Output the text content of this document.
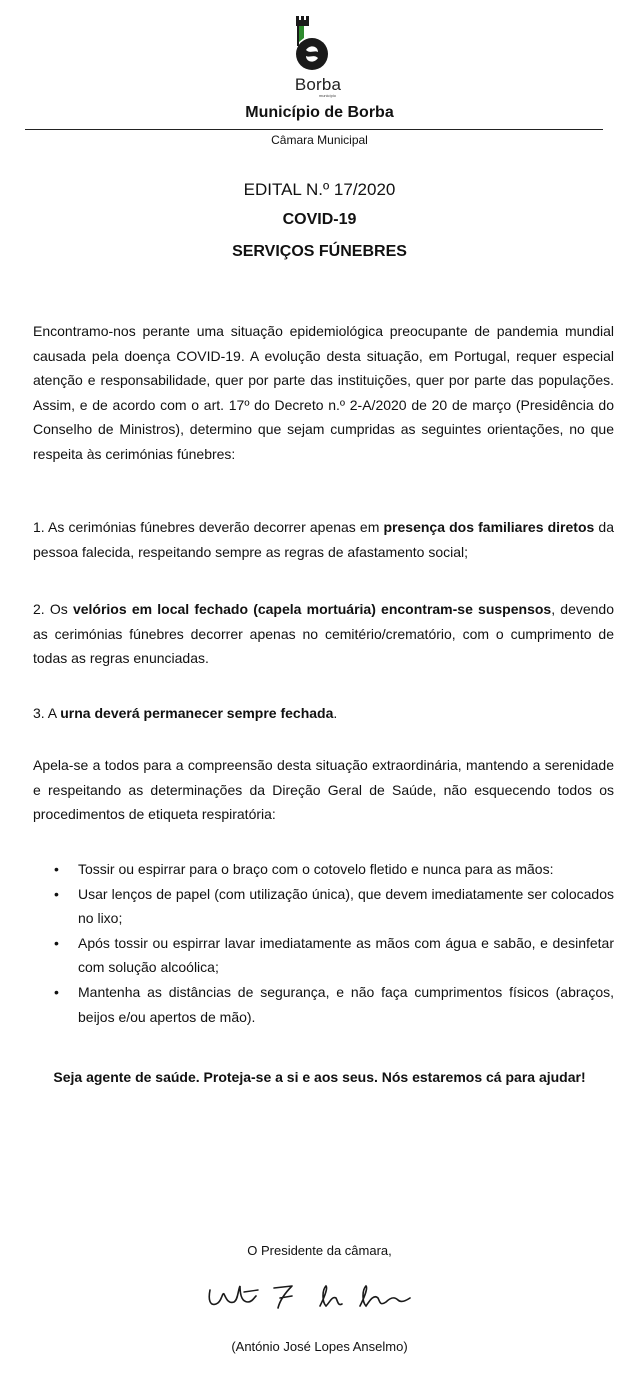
Borba
município
Município de Borba
Câmara Municipal
EDITAL N.º 17/2020
COVID-19
SERVIÇOS FÚNEBRES
Encontramo-nos perante uma situação epidemiológica preocupante de pandemia mundial causada pela doença COVID-19. A evolução desta situação, em Portugal, requer especial atenção e responsabilidade, quer por parte das instituições, quer por parte das populações. Assim, e de acordo com o art. 17º do Decreto n.º 2-A/2020 de 20 de março (Presidência do Conselho de Ministros), determino que sejam cumpridas as seguintes orientações, no que respeita às cerimónias fúnebres:
1. As cerimónias fúnebres deverão decorrer apenas em presença dos familiares diretos da pessoa falecida, respeitando sempre as regras de afastamento social;
2. Os velórios em local fechado (capela mortuária) encontram-se suspensos, devendo as cerimónias fúnebres decorrer apenas no cemitério/crematório, com o cumprimento de todas as regras enunciadas.
3. A urna deverá permanecer sempre fechada.
Apela-se a todos para a compreensão desta situação extraordinária, mantendo a serenidade e respeitando as determinações da Direção Geral de Saúde, não esquecendo todos os procedimentos de etiqueta respiratória:
• Tossir ou espirrar para o braço com o cotovelo fletido e nunca para as mãos:
• Usar lenços de papel (com utilização única), que devem imediatamente ser colocados no lixo;
• Após tossir ou espirrar lavar imediatamente as mãos com água e sabão, e desinfetar com solução alcoólica;
• Mantenha as distâncias de segurança, e não faça cumprimentos físicos (abraços, beijos e/ou apertos de mão).
Seja agente de saúde. Proteja-se a si e aos seus. Nós estaremos cá para ajudar!
O Presidente da câmara,
(António José Lopes Anselmo)
